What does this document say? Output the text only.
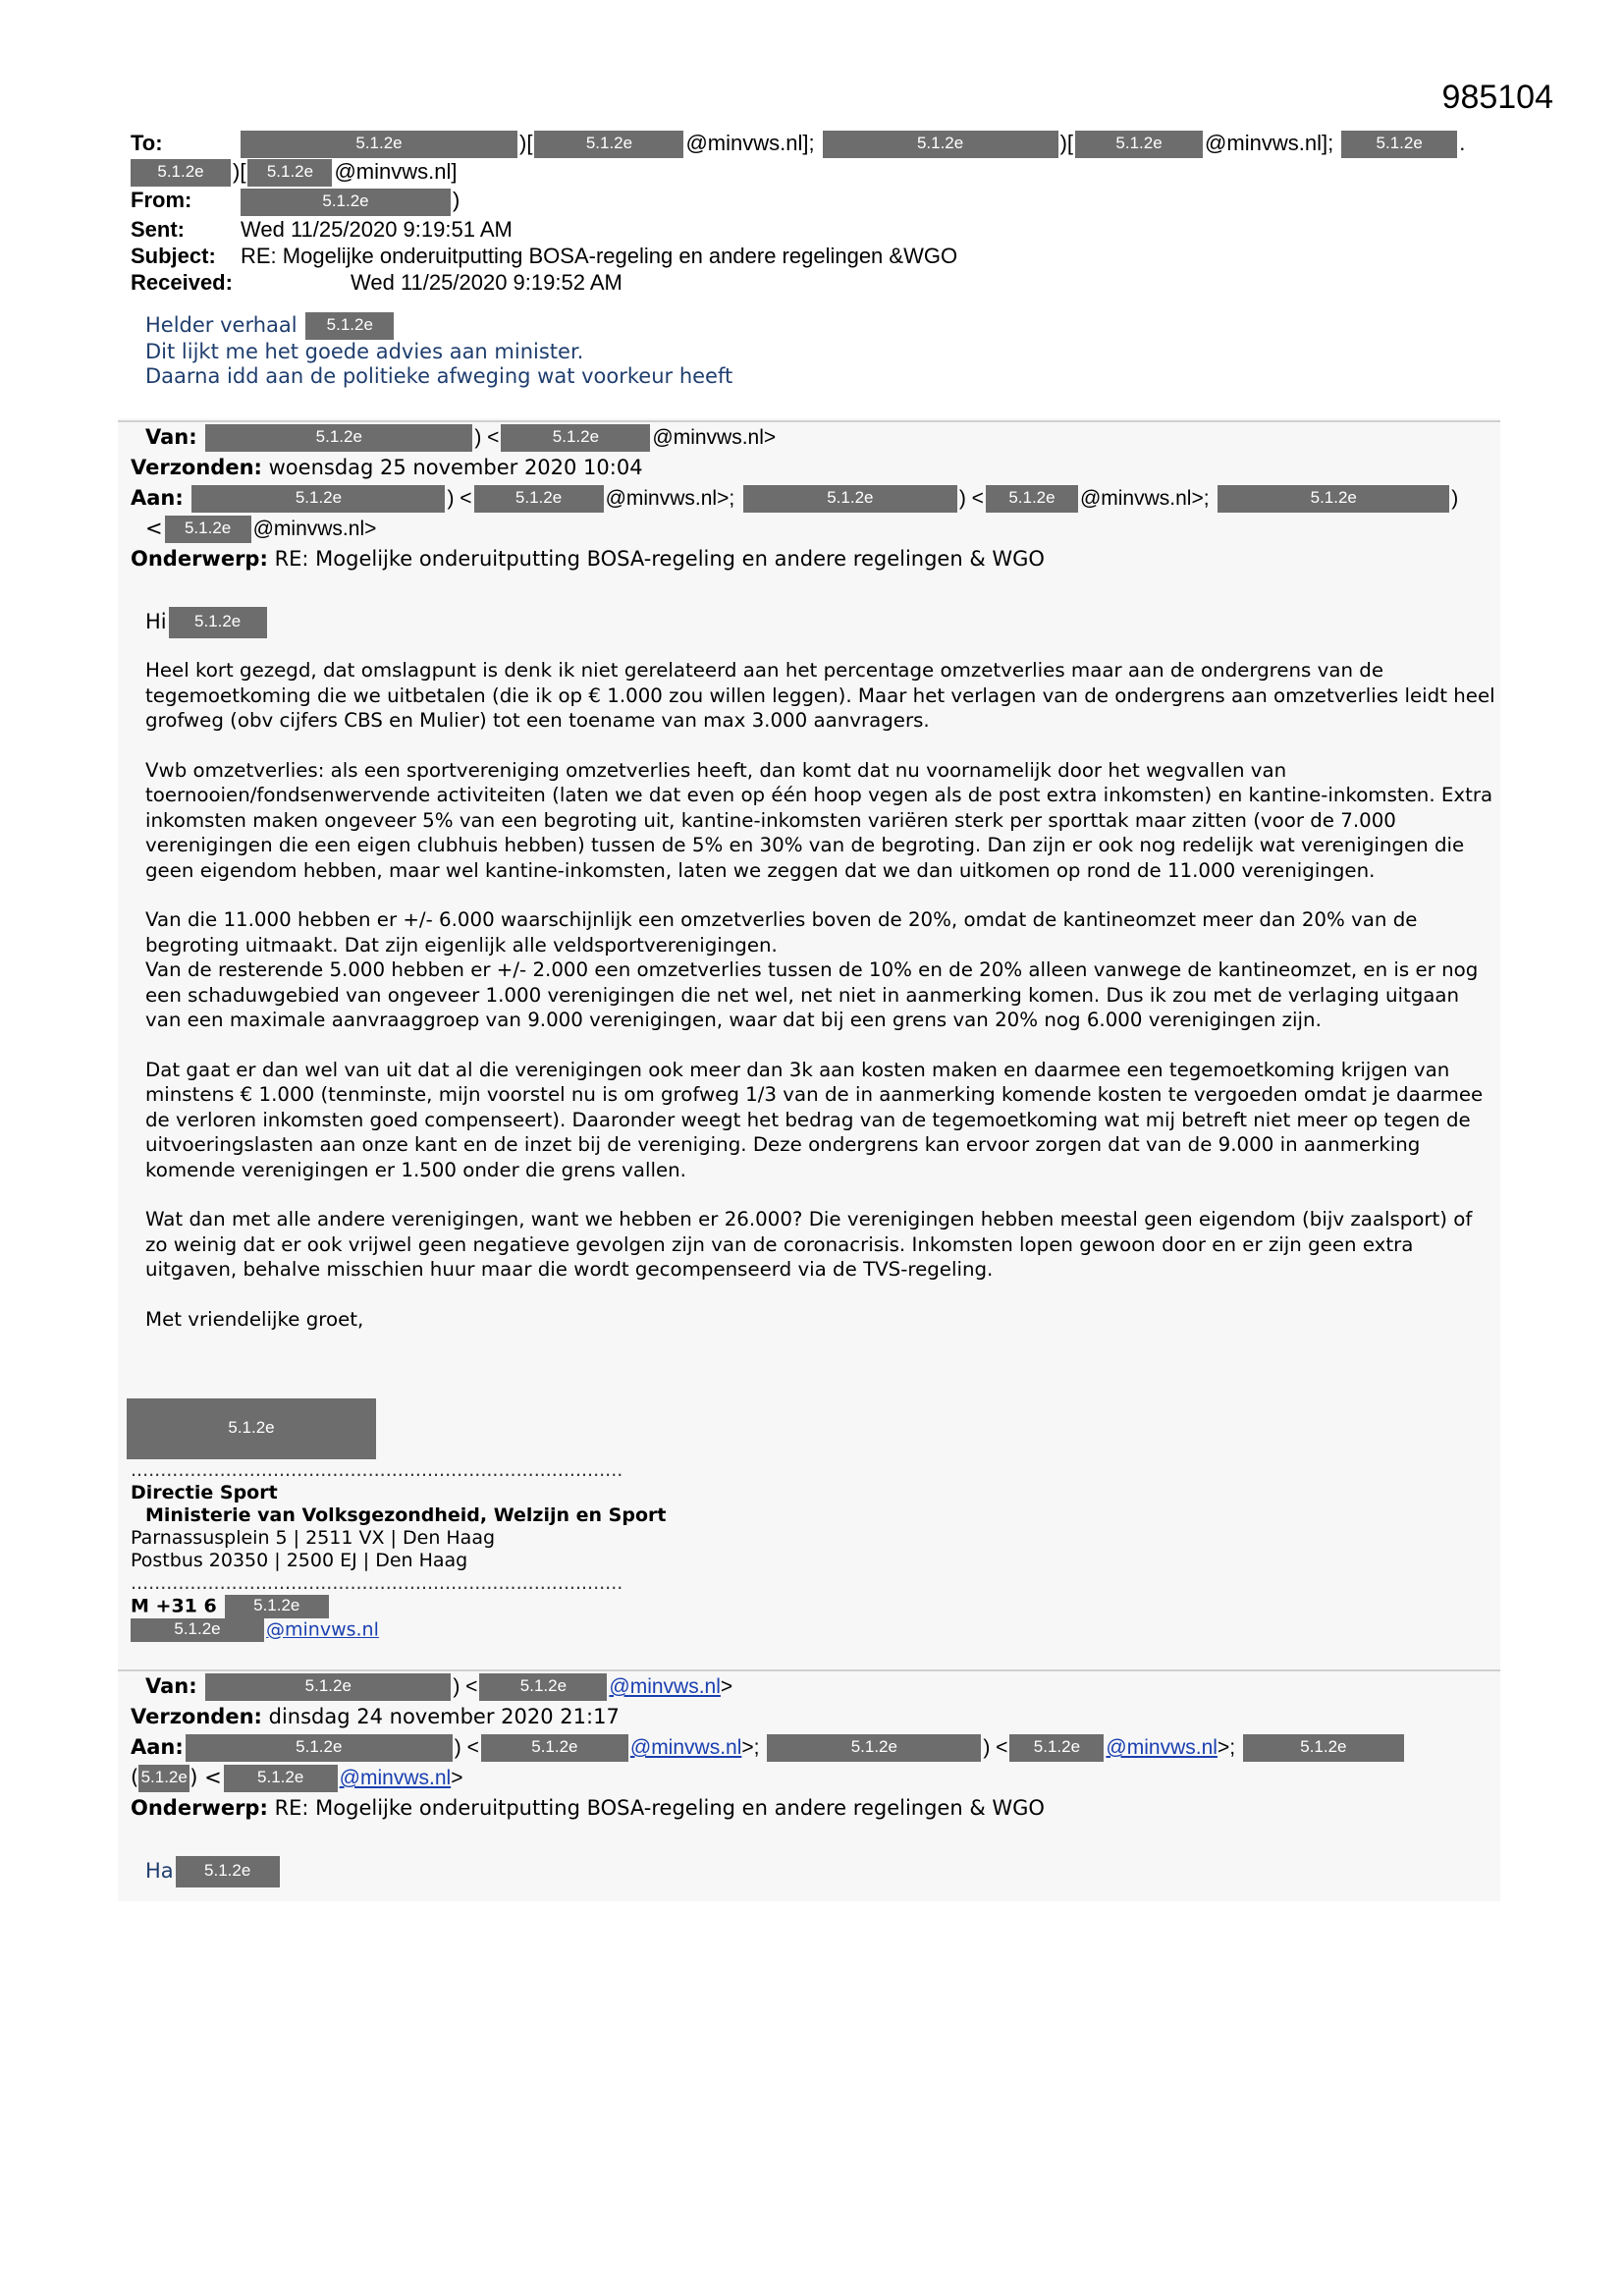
985104
To:	5.1.2e	)[	5.1.2e @minvws.nl];	5.1.2e	)[	5.1.2e @minvws.nl];	5.1.2e .
5.1.2e )[ 5.1.2e @minvws.nl]
From:	5.1.2e	)
Sent:	Wed 11/25/2020 9:19:51 AM
Subject: RE: Mogelijke onderuitputting BOSA-regeling en andere regelingen &WGO
Received:	Wed 11/25/2020 9:19:52 AM
Helder verhaal 5.1.2e
Dit lijkt me het goede advies aan minister.
Daarna idd aan de politieke afweging wat voorkeur heeft
Van:	5.1.2e	) <	5.1.2e	@minvws.nl>
Verzonden: woensdag 25 november 2020 10:04
Aan:	5.1.2e	) <	5.1.2e @minvws.nl>;	5.1.2e	) < 5.1.2e @minvws.nl>;	5.1.2e	)
< 5.1.2e @minvws.nl>
Onderwerp: RE: Mogelijke onderuitputting BOSA-regeling en andere regelingen & WGO
Hi 5.1.2e

Heel kort gezegd, dat omslagpunt is denk ik niet gerelateerd aan het percentage omzetverlies maar aan de ondergrens van de tegemoetkoming die we uitbetalen (die ik op € 1.000 zou willen leggen). Maar het verlagen van de ondergrens aan omzetverlies leidt heel grofweg (obv cijfers CBS en Mulier) tot een toename van max 3.000 aanvragers.

Vwb omzetverlies: als een sportvereniging omzetverlies heeft, dan komt dat nu voornamelijk door het wegvallen van toernooien/fondsenwervende activiteiten (laten we dat even op één hoop vegen als de post extra inkomsten) en kantine-inkomsten. Extra inkomsten maken ongeveer 5% van een begroting uit, kantine-inkomsten variëren sterk per sporttak maar zitten (voor de 7.000 verenigingen die een eigen clubhuis hebben) tussen de 5% en 30% van de begroting. Dan zijn er ook nog redelijk wat verenigingen die geen eigendom hebben, maar wel kantine-inkomsten, laten we zeggen dat we dan uitkomen op rond de 11.000 verenigingen.

Van die 11.000 hebben er +/- 6.000 waarschijnlijk een omzetverlies boven de 20%, omdat de kantineomzet meer dan 20% van de begroting uitmaakt. Dat zijn eigenlijk alle veldsportverenigingen.
Van de resterende 5.000 hebben er +/- 2.000 een omzetverlies tussen de 10% en de 20% alleen vanwege de kantineomzet, en is er nog een schaduwgebied van ongeveer 1.000 verenigingen die net wel, net niet in aanmerking komen. Dus ik zou met de verlaging uitgaan van een maximale aanvraaggroep van 9.000 verenigingen, waar dat bij een grens van 20% nog 6.000 verenigingen zijn.

Dat gaat er dan wel van uit dat al die verenigingen ook meer dan 3k aan kosten maken en daarmee een tegemoetkoming krijgen van minstens € 1.000 (tenminste, mijn voorstel nu is om grofweg 1/3 van de in aanmerking komende kosten te vergoeden omdat je daarmee de verloren inkomsten goed compenseert). Daaronder weegt het bedrag van de tegemoetkoming wat mij betreft niet meer op tegen de uitvoeringslasten aan onze kant en de inzet bij de vereniging. Deze ondergrens kan ervoor zorgen dat van de 9.000 in aanmerking komende verenigingen er 1.500 onder die grens vallen.

Wat dan met alle andere verenigingen, want we hebben er 26.000? Die verenigingen hebben meestal geen eigendom (bijv zaalsport) of zo weinig dat er ook vrijwel geen negatieve gevolgen zijn van de coronacrisis. Inkomsten lopen gewoon door en er zijn geen extra uitgaven, behalve misschien huur maar die wordt gecompenseerd via de TVS-regeling.

Met vriendelijke groet,

5.1.2e
...................................................................................
Directie Sport
Ministerie van Volksgezondheid, Welzijn en Sport
Parnassusplein 5 | 2511 VX | Den Haag
Postbus 20350 | 2500 EJ | Den Haag
...................................................................................
M +31 6 5.1.2e
5.1.2e @minvws.nl
Van:	5.1.2e	) <	5.1.2e @minvws.nl>
Verzonden: dinsdag 24 november 2020 21:17
Aan:	5.1.2e	) <	5.1.2e	@minvws.nl>;	5.1.2e	) < 5.1.2e @minvws.nl>;	5.1.2e
( 5.1.2e ) < 5.1.2e @minvws.nl>
Onderwerp: RE: Mogelijke onderuitputting BOSA-regeling en andere regelingen & WGO
Ha 5.1.2e
